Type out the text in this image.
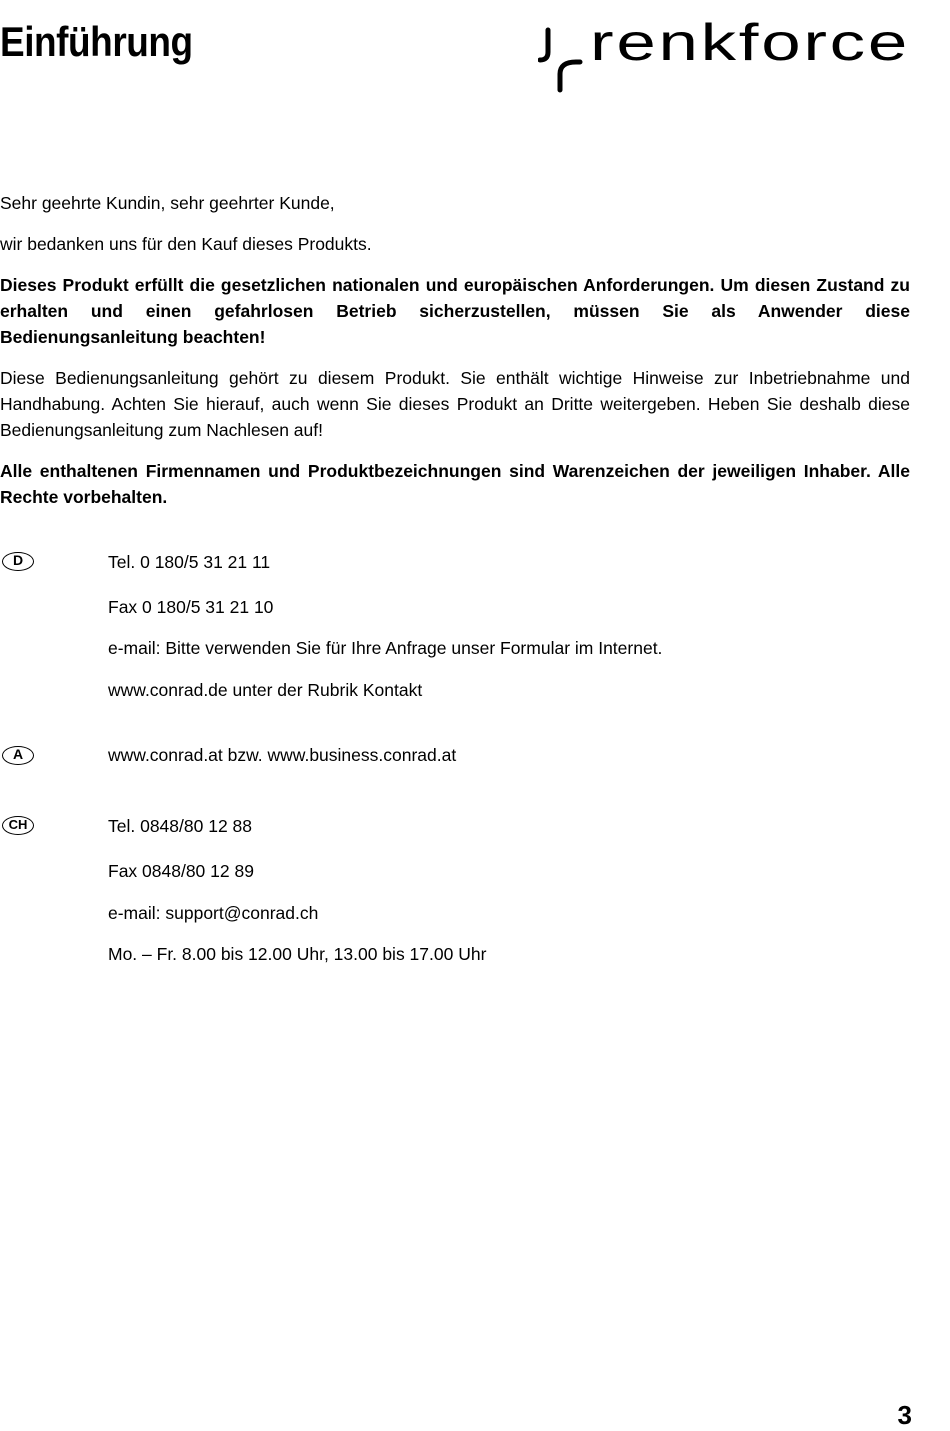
Einführung	renkforce

Sehr geehrte Kundin, sehr geehrter Kunde,

wir bedanken uns für den Kauf dieses Produkts.

Dieses Produkt erfüllt die gesetzlichen nationalen und europäischen Anforderungen. Um diesen Zustand zu erhalten und einen gefahrlosen Betrieb sicherzustellen, müssen Sie als Anwender diese Bedienungsanleitung beachten!

Diese Bedienungsanleitung gehört zu diesem Produkt. Sie enthält wichtige Hinweise zur Inbetriebnahme und Handhabung. Achten Sie hierauf, auch wenn Sie dieses Produkt an Dritte weitergeben. Heben Sie deshalb diese Bedienungsanleitung zum Nachlesen auf!

Alle enthaltenen Firmennamen und Produktbezeichnungen sind Warenzeichen der jeweiligen Inhaber. Alle Rechte vorbehalten.

D	Tel. 0 180/5 31 21 11

Fax 0 180/5 31 21 10

e-mail: Bitte verwenden Sie für Ihre Anfrage unser Formular im Internet.

www.conrad.de unter der Rubrik Kontakt

A	www.conrad.at bzw. www.business.conrad.at

CH	Tel. 0848/80 12 88

Fax 0848/80 12 89

e-mail: support@conrad.ch

Mo. – Fr. 8.00 bis 12.00 Uhr, 13.00 bis 17.00 Uhr

3
